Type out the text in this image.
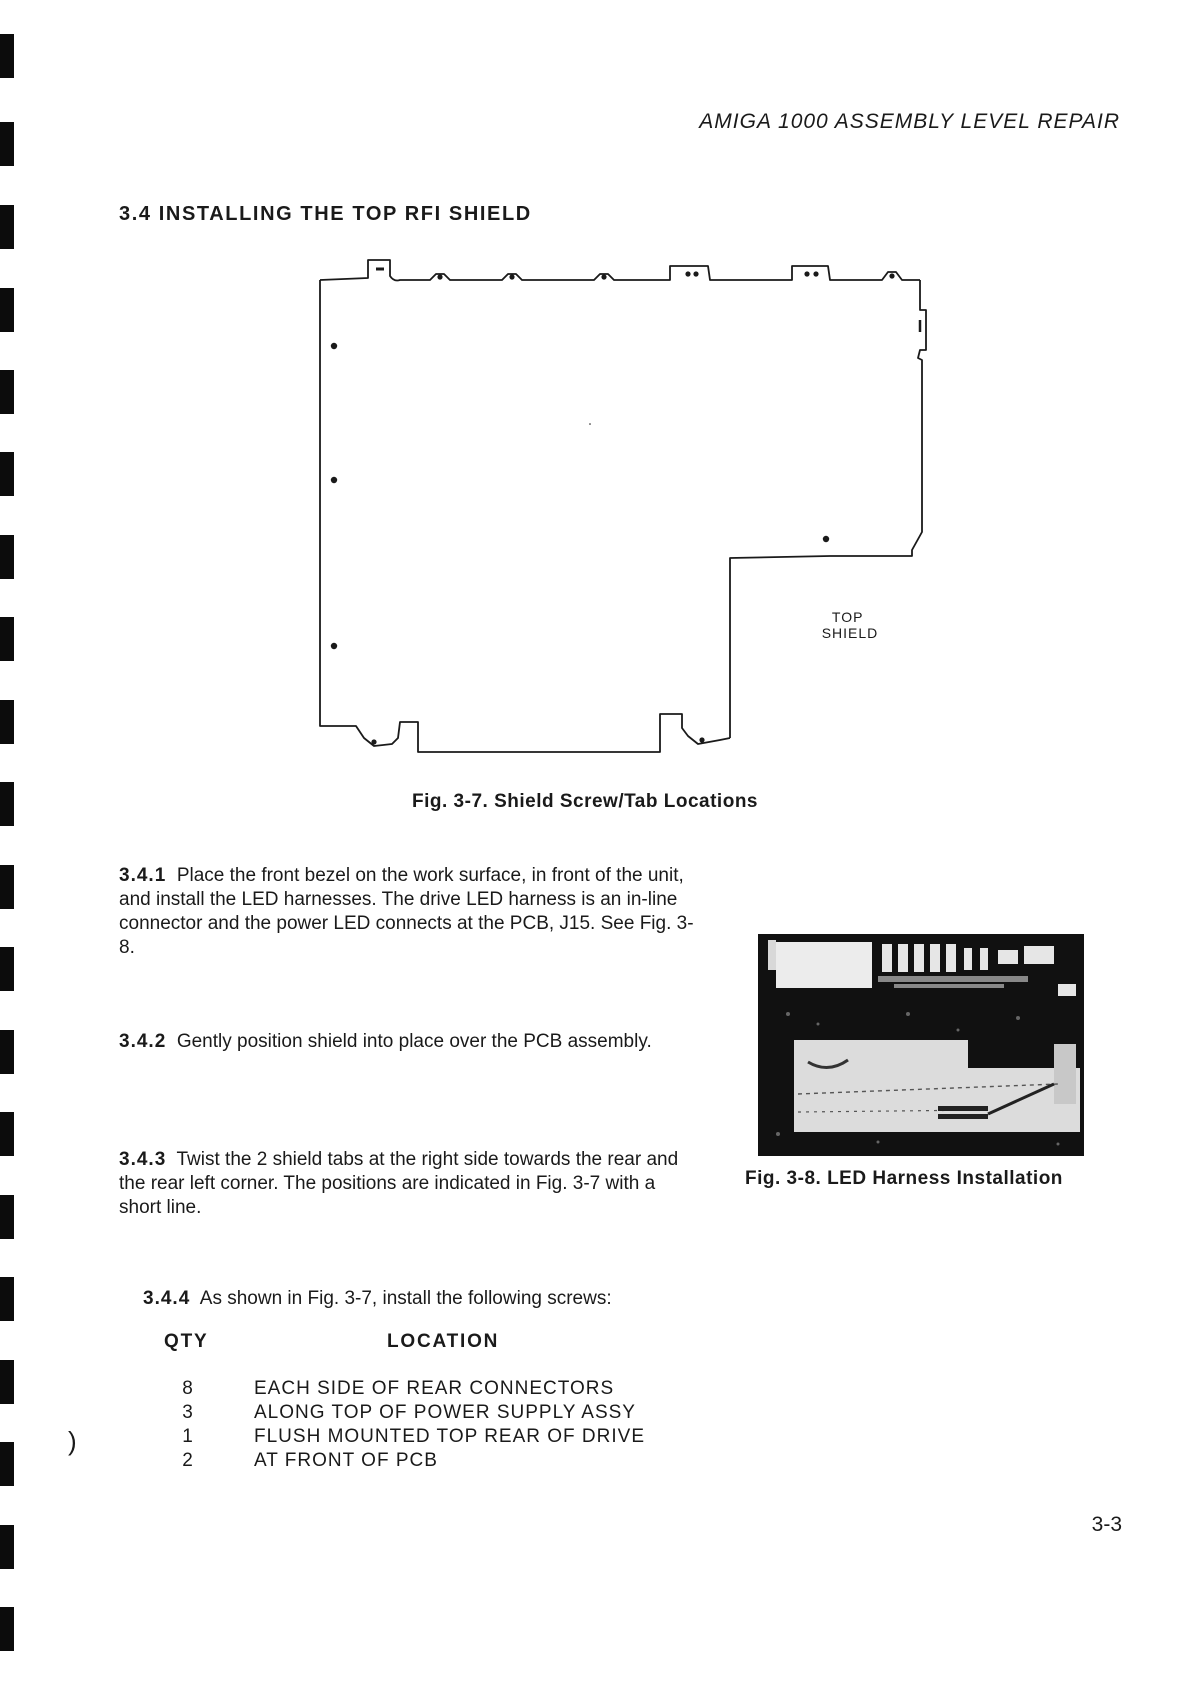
AMIGA 1000 ASSEMBLY LEVEL REPAIR
3.4 INSTALLING THE TOP RFI SHIELD
TOP SHIELD
Fig. 3-7. Shield Screw/Tab Locations

3.4.1 Place the front bezel on the work surface, in front of the unit, and install the LED harnesses. The drive LED harness is an in-line connector and the power LED connects at the PCB, J15. See Fig. 3-8.

3.4.2 Gently position shield into place over the PCB assembly.

3.4.3 Twist the 2 shield tabs at the right side towards the rear and the rear left corner. The positions are indicated in Fig. 3-7 with a short line.

3.4.4 As shown in Fig. 3-7, install the following screws:

Fig. 3-8. LED Harness Installation
QTY	LOCATION
8	EACH SIDE OF REAR CONNECTORS
3	ALONG TOP OF POWER SUPPLY ASSY
1	FLUSH MOUNTED TOP REAR OF DRIVE
2	AT FRONT OF PCB
)
3-3
